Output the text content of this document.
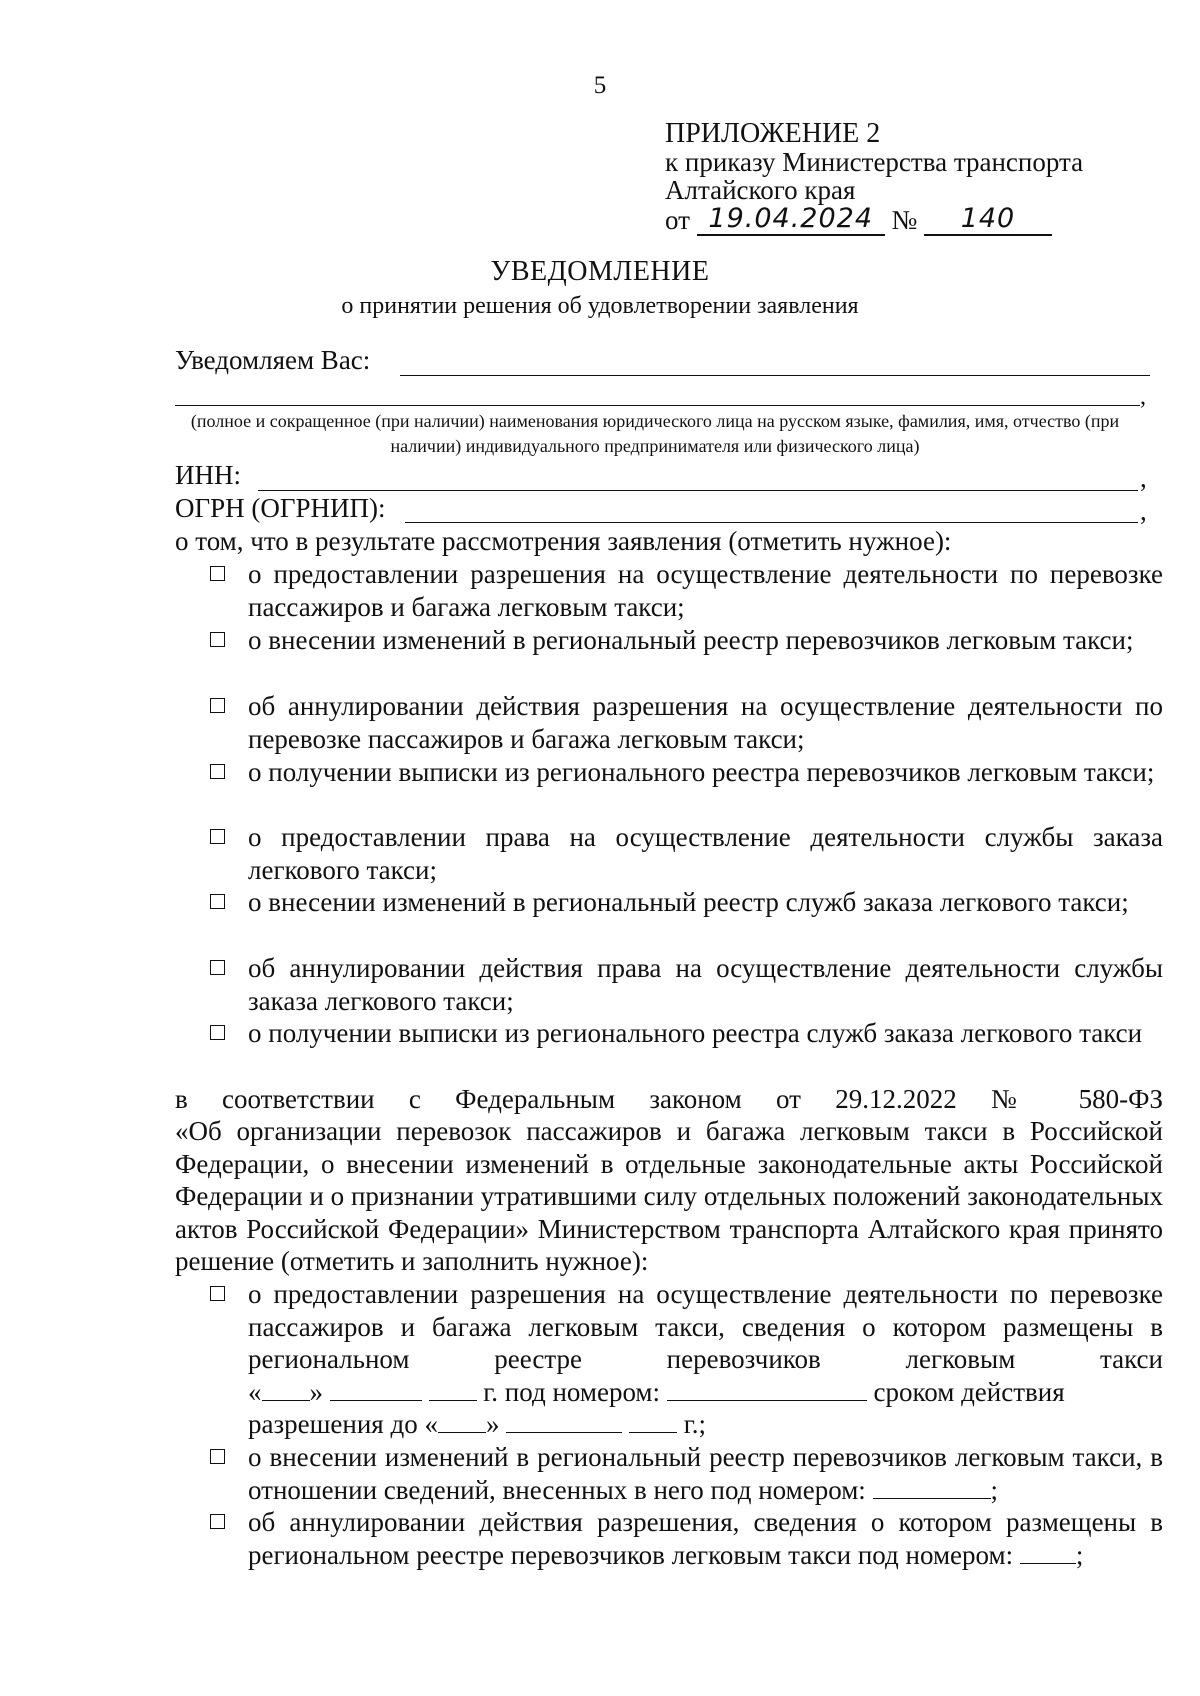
5
ПРИЛОЖЕНИЕ 2
к приказу Министерства транспорта
Алтайского края
от 19.04.2024 № 140
УВЕДОМЛЕНИЕ
о принятии решения об удовлетворении заявления
Уведомляем Вас:
,
(полное и сокращенное (при наличии) наименования юридического лица на русском языке, фамилия, имя, отчество (при наличии) индивидуального предпринимателя или физического лица)
ИНН:	,
ОГРН (ОГРНИП):	,
о том, что в результате рассмотрения заявления (отметить нужное):
о предоставлении разрешения на осуществление деятельности по перевозке пассажиров и багажа легковым такси;
о внесении изменений в региональный реестр перевозчиков легковым такси;
об аннулировании действия разрешения на осуществление деятельности по перевозке пассажиров и багажа легковым такси;
о получении выписки из регионального реестра перевозчиков легковым такси;
о предоставлении права на осуществление деятельности службы заказа легкового такси;
о внесении изменений в региональный реестр служб заказа легкового такси;
об аннулировании действия права на осуществление деятельности службы заказа легкового такси;
о получении выписки из регионального реестра служб заказа легкового такси
в соответствии с Федеральным законом от 29.12.2022 № 580-ФЗ
«Об организации перевозок пассажиров и багажа легковым такси в Российской Федерации, о внесении изменений в отдельные законодательные акты Российской Федерации и о признании утратившими силу отдельных положений законодательных актов Российской Федерации» Министерством транспорта Алтайского края принято решение (отметить и заполнить нужное):
о предоставлении разрешения на осуществление деятельности по перевозке пассажиров и багажа легковым такси, сведения о котором размещены в региональном реестре перевозчиков легковым такси
« »	г. под номером:	сроком действия
разрешения до « »	г.;
о внесении изменений в региональный реестр перевозчиков легковым такси, в отношении сведений, внесенных в него под номером:	;
об аннулировании действия разрешения, сведения о котором размещены в региональном реестре перевозчиков легковым такси под номером: ;
